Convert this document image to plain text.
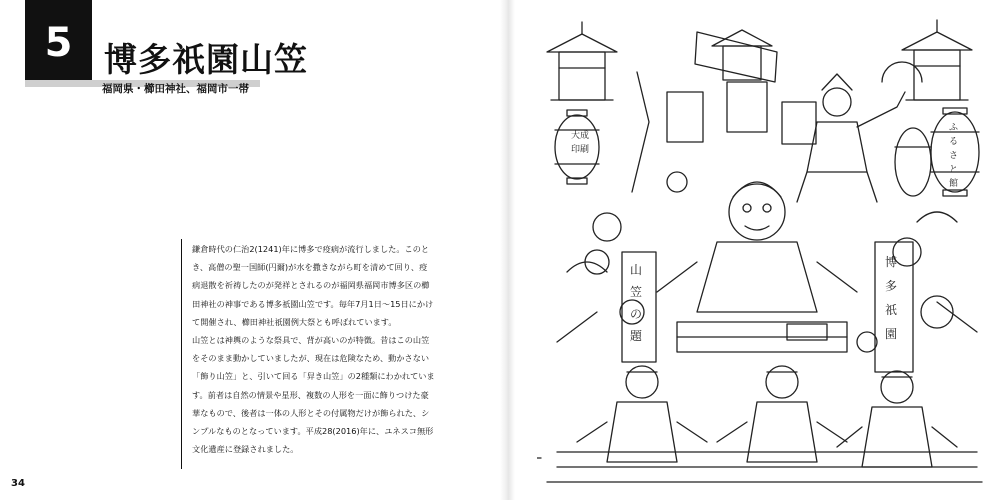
5 博多祇園山笠
福岡県・櫛田神社、福岡市一帯

鎌倉時代の仁治2(1241)年に博多で疫病が流行しました。このとき、高僧の聖一国師(円爾)が水を撒きながら町を清めて回り、疫病退散を祈祷したのが発祥とされるのが福岡県福岡市博多区の櫛田神社の神事である博多祇園山笠です。毎年7月1日〜15日にかけて開催され、櫛田神社祇園例大祭とも呼ばれています。

山笠とは神輿のような祭具で、背が高いのが特徴。昔はこの山笠をそのまま動かしていましたが、現在は危険なため、動かさない「飾り山笠」と、引いて回る「舁き山笠」の2種類にわかれています。前者は自然の情景や星形、複数の人形を一面に飾りつけた豪華なもので、後者は一体の人形とその付属物だけが飾られた、シンプルなものとなっています。平成28(2016)年に、ユネスコ無形文化遺産に登録されました。

34
大成
印刷
ふ
る
さ
と
館
山
笠
の
題
博
多
祇
園
